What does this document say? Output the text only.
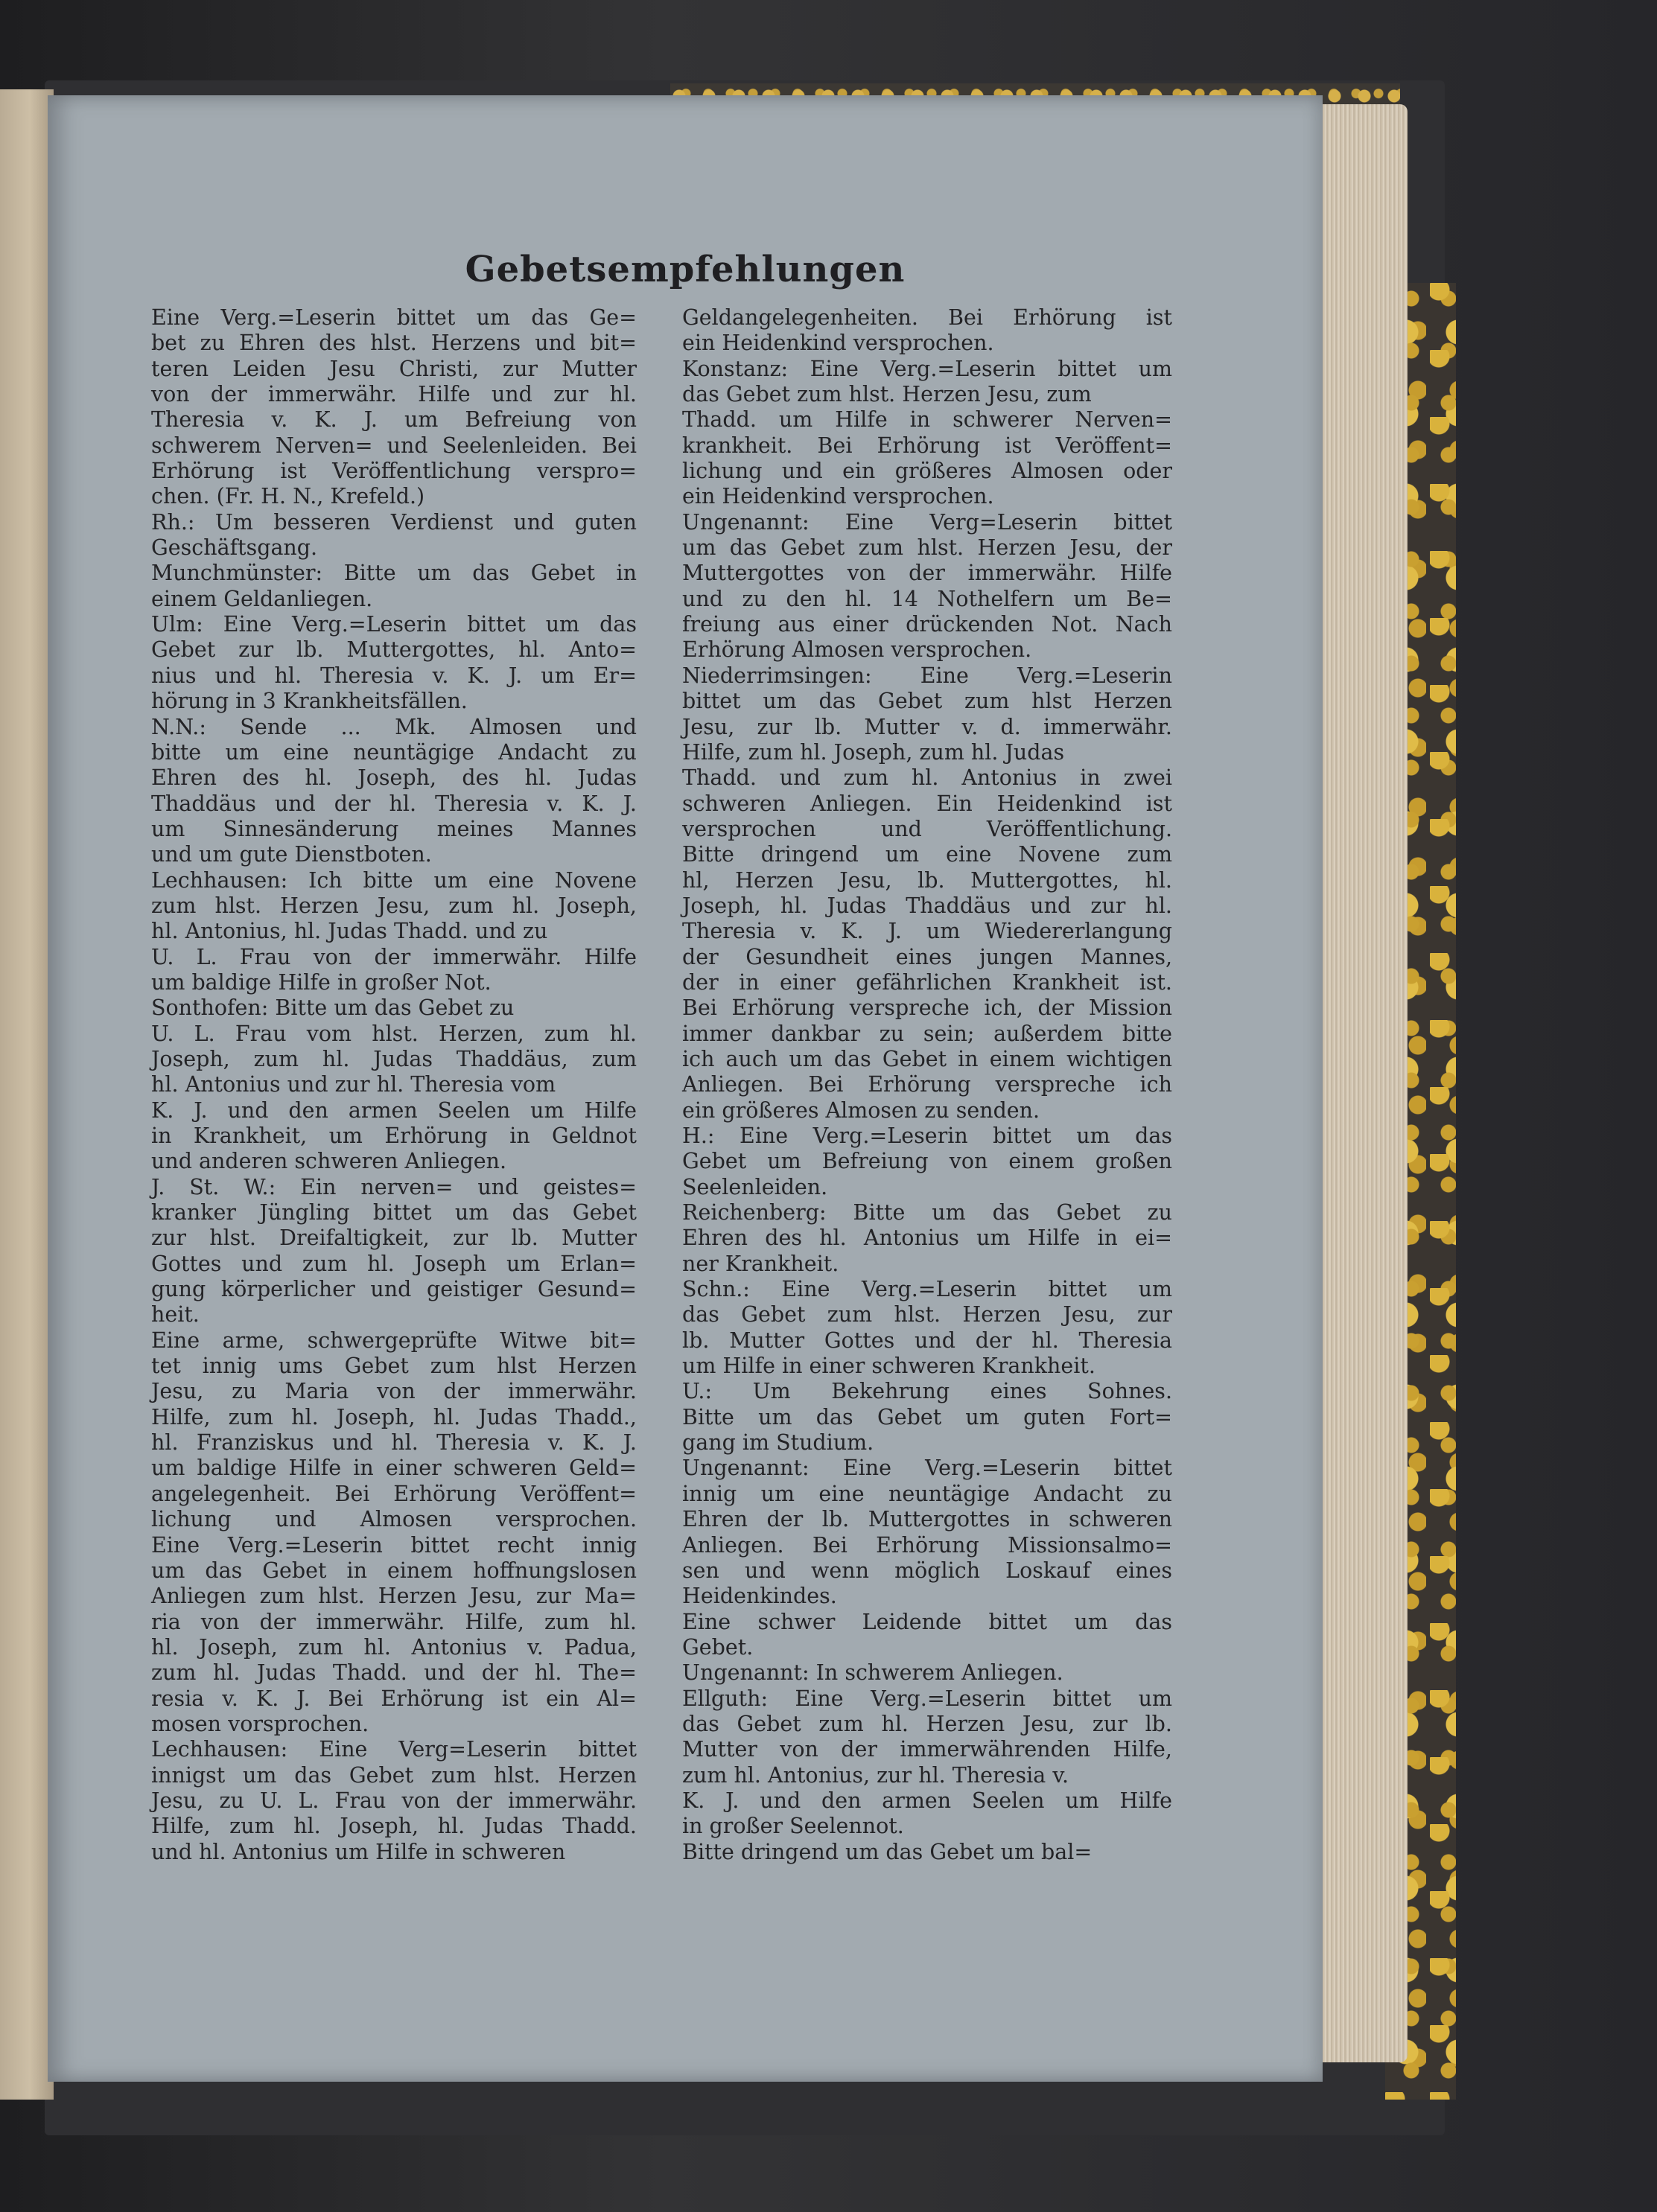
Gebetsempfehlungen
Eine Verg.=Leserin bittet um das Ge=
bet zu Ehren des hlst. Herzens und bit=
teren Leiden Jesu Christi, zur Mutter
von der immerwähr. Hilfe und zur hl.
Theresia v. K. J. um Befreiung von
schwerem Nerven= und Seelenleiden. Bei
Erhörung ist Veröffentlichung versprο=
chen. (Fr. H. N., Krefeld.)
Rh.: Um besseren Verdienst und guten
Geschäftsgang.
Munchmünster: Bitte um das Gebet in
einem Geldanliegen.
Ulm: Eine Verg.=Leserin bittet um das
Gebet zur lb. Muttergottes, hl. Anto=
nius und hl. Theresia v. K. J. um Er=
hörung in 3 Krankheitsfällen.
N.N.: Sende ... Mk. Almosen und
bitte um eine neuntägige Andacht zu
Ehren des hl. Joseph, des hl. Judas
Thaddäus und der hl. Theresia v. K. J.
um Sinnesänderung meines Mannes
und um gute Dienstboten.
Lechhausen: Ich bitte um eine Novene
zum hlst. Herzen Jesu, zum hl. Joseph,
hl. Antonius, hl. Judas Thadd. und zu
U. L. Frau von der immerwähr. Hilfe
um baldige Hilfe in großer Not.
Sonthofen: Bitte um das Gebet zu
U. L. Frau vom hlst. Herzen, zum hl.
Joseph, zum hl. Judas Thaddäus, zum
hl. Antonius und zur hl. Theresia vom
K. J. und den armen Seelen um Hilfe
in Krankheit, um Erhörung in Geldnot
und anderen schweren Anliegen.
J. St. W.: Ein nerven= und geistes=
kranker Jüngling bittet um das Gebet
zur hlst. Dreifaltigkeit, zur lb. Mutter
Gottes und zum hl. Joseph um Erlan=
gung körperlicher und geistiger Gesund=
heit.
Eine arme, schwergeprüfte Witwe bit=
tet innig ums Gebet zum hlst Herzen
Jesu, zu Maria von der immerwähr.
Hilfe, zum hl. Joseph, hl. Judas Thadd.,
hl. Franziskus und hl. Theresia v. K. J.
um baldige Hilfe in einer schweren Geld=
angelegenheit. Bei Erhörung Veröffent=
lichung und Almosen versprochen.
Eine Verg.=Leserin bittet recht innig
um das Gebet in einem hoffnungslosen
Anliegen zum hlst. Herzen Jesu, zur Ma=
ria von der immerwähr. Hilfe, zum hl.
hl. Joseph, zum hl. Antonius v. Padua,
zum hl. Judas Thadd. und der hl. The=
resia v. K. J. Bei Erhörung ist ein Al=
mosen vorsprochen.
Lechhausen: Eine Verg=Leserin bittet
innigst um das Gebet zum hlst. Herzen
Jesu, zu U. L. Frau von der immerwähr.
Hilfe, zum hl. Joseph, hl. Judas Thadd.
und hl. Antonius um Hilfe in schweren
Geldangelegenheiten. Bei Erhörung ist
ein Heidenkind versprochen.
Konstanz: Eine Verg.=Leserin bittet um
das Gebet zum hlst. Herzen Jesu, zum
Thadd. um Hilfe in schwerer Nerven=
krankheit. Bei Erhörung ist Veröffent=
lichung und ein größeres Almosen oder
ein Heidenkind versprochen.
Ungenannt: Eine Verg=Leserin bittet
um das Gebet zum hlst. Herzen Jesu, der
Muttergottes von der immerwähr. Hilfe
und zu den hl. 14 Nothelfern um Be=
freiung aus einer drückenden Not. Nach
Erhörung Almosen versprochen.
Niederrimsingen: Eine Verg.=Leserin
bittet um das Gebet zum hlst Herzen
Jesu, zur lb. Mutter v. d. immerwähr.
Hilfe, zum hl. Joseph, zum hl. Judas
Thadd. und zum hl. Antonius in zwei
schweren Anliegen. Ein Heidenkind ist
versprochen und Veröffentlichung.
Bitte dringend um eine Novene zum
hl, Herzen Jesu, lb. Muttergottes, hl.
Joseph, hl. Judas Thaddäus und zur hl.
Theresia v. K. J. um Wiedererlangung
der Gesundheit eines jungen Mannes,
der in einer gefährlichen Krankheit ist.
Bei Erhörung verspreche ich, der Mission
immer dankbar zu sein; außerdem bitte
ich auch um das Gebet in einem wichtigen
Anliegen. Bei Erhörung verspreche ich
ein größeres Almosen zu senden.
H.: Eine Verg.=Leserin bittet um das
Gebet um Befreiung von einem großen
Seelenleiden.
Reichenberg: Bitte um das Gebet zu
Ehren des hl. Antonius um Hilfe in ei=
ner Krankheit.
Schn.: Eine Verg.=Leserin bittet um
das Gebet zum hlst. Herzen Jesu, zur
lb. Mutter Gottes und der hl. Theresia
um Hilfe in einer schweren Krankheit.
U.: Um Bekehrung eines Sohnes.
Bitte um das Gebet um guten Fort=
gang im Studium.
Ungenannt: Eine Verg.=Leserin bittet
innig um eine neuntägige Andacht zu
Ehren der lb. Muttergottes in schweren
Anliegen. Bei Erhörung Missionsalmo=
sen und wenn möglich Loskauf eines
Heidenkindes.
Eine schwer Leidende bittet um das
Gebet.
Ungenannt: In schwerem Anliegen.
Ellguth: Eine Verg.=Leserin bittet um
das Gebet zum hl. Herzen Jesu, zur lb.
Mutter von der immerwährenden Hilfe,
zum hl. Antonius, zur hl. Theresia v.
K. J. und den armen Seelen um Hilfe
in großer Seelennot.
Bitte dringend um das Gebet um bal=
